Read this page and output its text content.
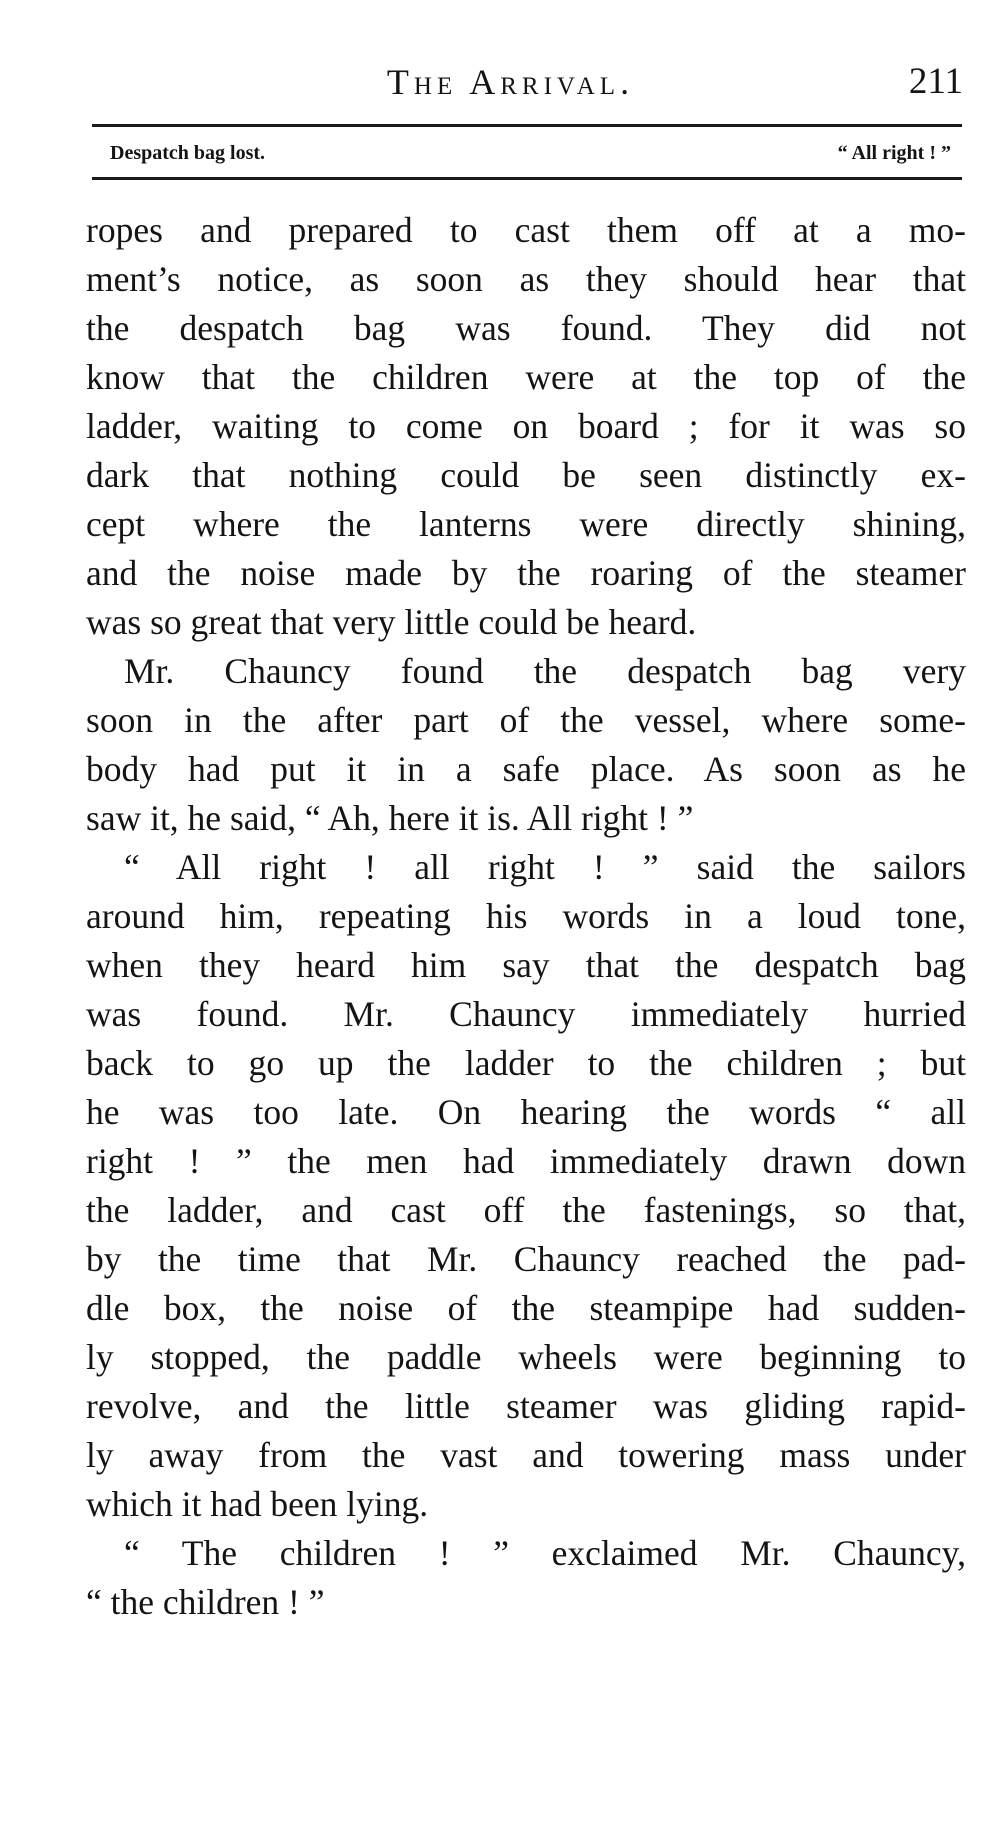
The Arrival.	211
Despatch bag lost.	“ All right ! ”
ropes and prepared to cast them off at a mo-
ment’s notice, as soon as they should hear that
the despatch bag was found. They did not
know that the children were at the top of the
ladder, waiting to come on board ; for it was so
dark that nothing could be seen distinctly ex-
cept where the lanterns were directly shining,
and the noise made by the roaring of the steamer
was so great that very little could be heard.
Mr. Chauncy found the despatch bag very
soon in the after part of the vessel, where some-
body had put it in a safe place. As soon as he
saw it, he said, “ Ah, here it is. All right ! ”
“ All right ! all right ! ” said the sailors
around him, repeating his words in a loud tone,
when they heard him say that the despatch bag
was found. Mr. Chauncy immediately hurried
back to go up the ladder to the children ; but
he was too late. On hearing the words “ all
right ! ” the men had immediately drawn down
the ladder, and cast off the fastenings, so that,
by the time that Mr. Chauncy reached the pad-
dle box, the noise of the steampipe had sudden-
ly stopped, the paddle wheels were beginning to
revolve, and the little steamer was gliding rapid-
ly away from the vast and towering mass under
which it had been lying.
“ The children ! ” exclaimed Mr. Chauncy,
“ the children ! ”
